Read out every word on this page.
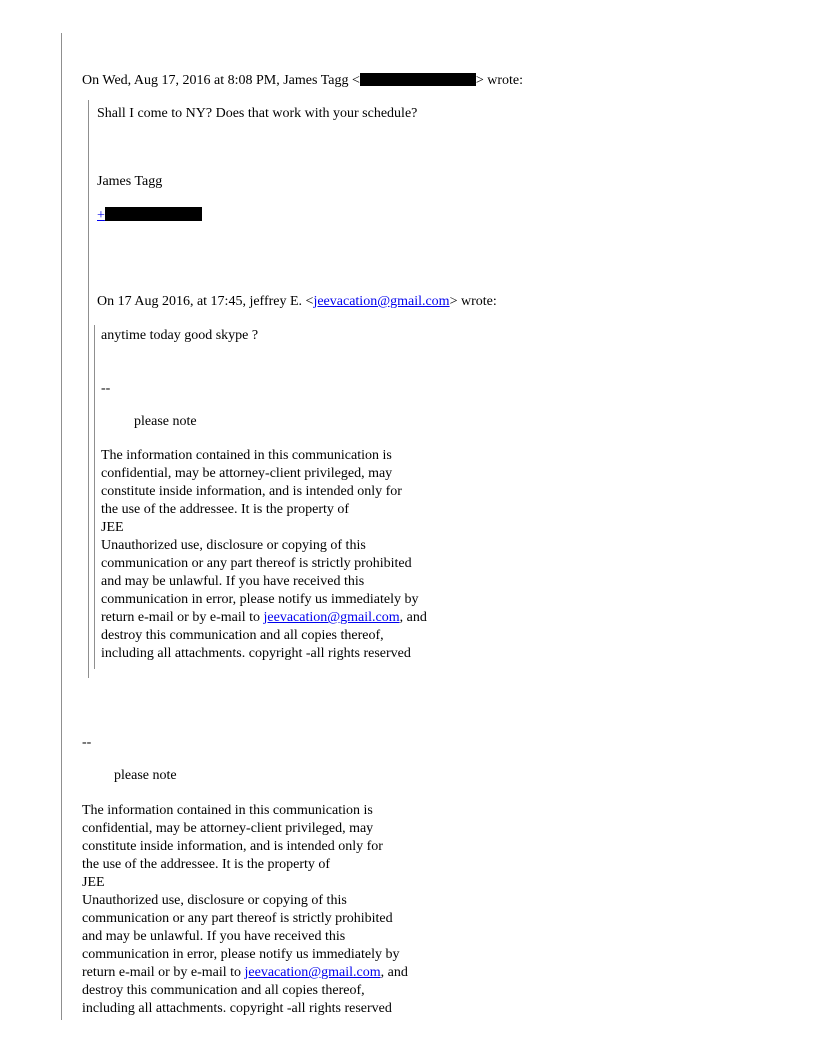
On Wed, Aug 17, 2016 at 8:08 PM, James Tagg <	> wrote:

Shall I come to NY? Does that work with your schedule?

James Tagg

+

On 17 Aug 2016, at 17:45, jeffrey E. <jeevacation@gmail.com> wrote:

anytime today good skype ?

--

please note

The information contained in this communication is
confidential, may be attorney-client privileged, may
constitute inside information, and is intended only for
the use of the addressee. It is the property of
JEE
Unauthorized use, disclosure or copying of this
communication or any part thereof is strictly prohibited
and may be unlawful. If you have received this
communication in error, please notify us immediately by
return e-mail or by e-mail to jeevacation@gmail.com, and
destroy this communication and all copies thereof,
including all attachments. copyright -all rights reserved

--

please note

The information contained in this communication is
confidential, may be attorney-client privileged, may
constitute inside information, and is intended only for
the use of the addressee. It is the property of
JEE
Unauthorized use, disclosure or copying of this
communication or any part thereof is strictly prohibited
and may be unlawful. If you have received this
communication in error, please notify us immediately by
return e-mail or by e-mail to jeevacation@gmail.com, and
destroy this communication and all copies thereof,
including all attachments. copyright -all rights reserved
